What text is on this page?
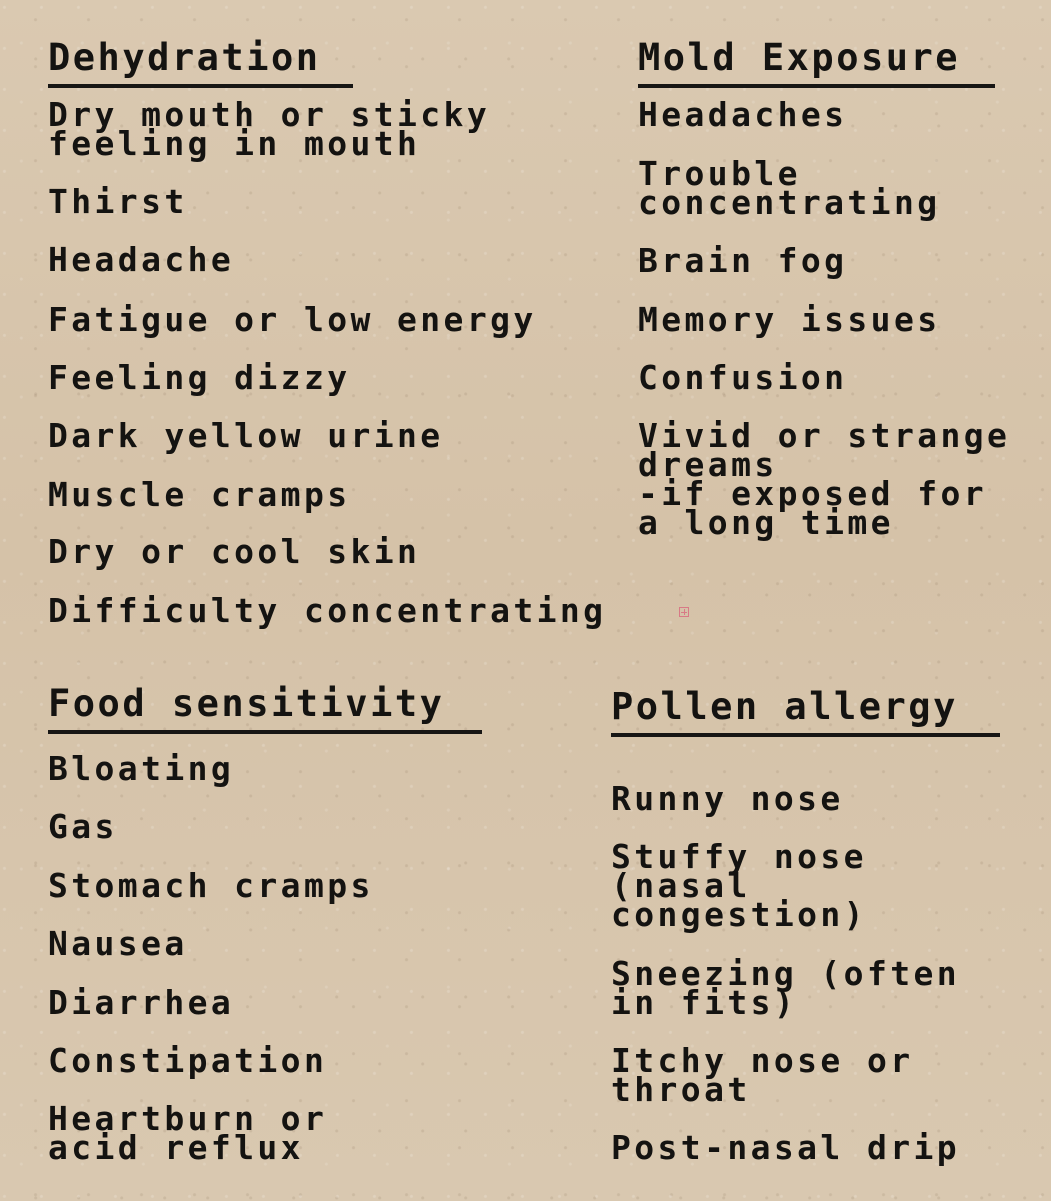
Dehydration
Dry mouth or sticky
feeling in mouth
Thirst
Headache
Fatigue or low energy
Feeling dizzy
Dark yellow urine
Muscle cramps
Dry or cool skin
Difficulty concentrating
Mold Exposure
Headaches
Trouble
concentrating
Brain fog
Memory issues
Confusion
Vivid or strange
dreams
-if exposed for
a long time
Food sensitivity
Bloating
Gas
Stomach cramps
Nausea
Diarrhea
Constipation
Heartburn or
acid reflux
Pollen allergy
Runny nose
Stuffy nose
(nasal
congestion)
Sneezing (often
in fits)
Itchy nose or
throat
Post-nasal drip
